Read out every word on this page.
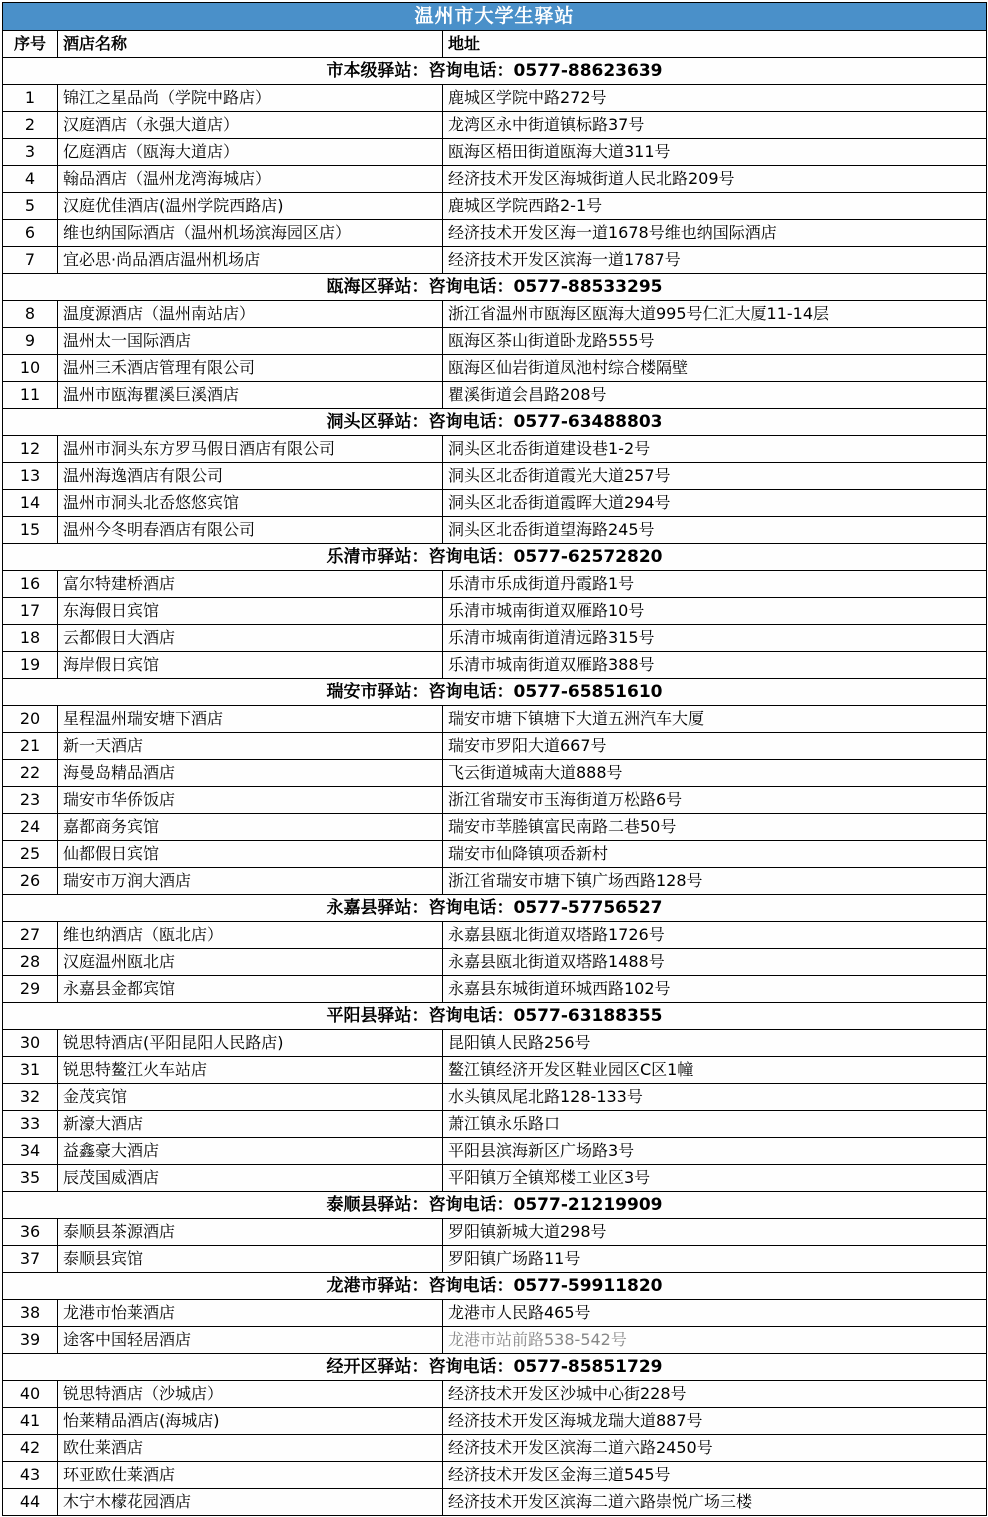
温州市大学生驿站		
序号	酒店名称	地址
市本级驿站：咨询电话：0577-88623639		
1	锦江之星品尚（学院中路店）	鹿城区学院中路272号
2	汉庭酒店（永强大道店）	龙湾区永中街道镇标路37号
3	亿庭酒店（瓯海大道店）	瓯海区梧田街道瓯海大道311号
4	翰品酒店（温州龙湾海城店）	经济技术开发区海城街道人民北路209号
5	汉庭优佳酒店(温州学院西路店)	鹿城区学院西路2-1号
6	维也纳国际酒店（温州机场滨海园区店）	经济技术开发区海一道1678号维也纳国际酒店
7	宜必思·尚品酒店温州机场店	经济技术开发区滨海一道1787号
瓯海区驿站：咨询电话：0577-88533295		
8	温度源酒店（温州南站店）	浙江省温州市瓯海区瓯海大道995号仁汇大厦11-14层
9	温州太一国际酒店	瓯海区茶山街道卧龙路555号
10	温州三禾酒店管理有限公司	瓯海区仙岩街道凤池村综合楼隔壁
11	温州市瓯海瞿溪巨溪酒店	瞿溪街道会昌路208号
洞头区驿站：咨询电话：0577-63488803		
12	温州市洞头东方罗马假日酒店有限公司	洞头区北岙街道建设巷1-2号
13	温州海逸酒店有限公司	洞头区北岙街道霞光大道257号
14	温州市洞头北岙悠悠宾馆	洞头区北岙街道霞晖大道294号
15	温州今冬明春酒店有限公司	洞头区北岙街道望海路245号
乐清市驿站：咨询电话：0577-62572820		
16	富尔特建桥酒店	乐清市乐成街道丹霞路1号
17	东海假日宾馆	乐清市城南街道双雁路10号
18	云都假日大酒店	乐清市城南街道清远路315号
19	海岸假日宾馆	乐清市城南街道双雁路388号
瑞安市驿站：咨询电话：0577-65851610		
20	星程温州瑞安塘下酒店	瑞安市塘下镇塘下大道五洲汽车大厦
21	新一天酒店	瑞安市罗阳大道667号
22	海曼岛精品酒店	飞云街道城南大道888号
23	瑞安市华侨饭店	浙江省瑞安市玉海街道万松路6号
24	嘉都商务宾馆	瑞安市莘塍镇富民南路二巷50号
25	仙都假日宾馆	瑞安市仙降镇项岙新村
26	瑞安市万润大酒店	浙江省瑞安市塘下镇广场西路128号
永嘉县驿站：咨询电话：0577-57756527		
27	维也纳酒店（瓯北店）	永嘉县瓯北街道双塔路1726号
28	汉庭温州瓯北店	永嘉县瓯北街道双塔路1488号
29	永嘉县金都宾馆	永嘉县东城街道环城西路102号
平阳县驿站：咨询电话：0577-63188355		
30	锐思特酒店(平阳昆阳人民路店)	昆阳镇人民路256号
31	锐思特鳌江火车站店	鳌江镇经济开发区鞋业园区C区1幢
32	金茂宾馆	水头镇凤尾北路128-133号
33	新濠大酒店	萧江镇永乐路口
34	益鑫豪大酒店	平阳县滨海新区广场路3号
35	辰茂国威酒店	平阳镇万全镇郑楼工业区3号
泰顺县驿站：咨询电话：0577-21219909		
36	泰顺县茶源酒店	罗阳镇新城大道298号
37	泰顺县宾馆	罗阳镇广场路11号
龙港市驿站：咨询电话：0577-59911820		
38	龙港市怡莱酒店	龙港市人民路465号
39	途客中国轻居酒店	龙港市站前路538-542号
经开区驿站：咨询电话：0577-85851729		
40	锐思特酒店（沙城店）	经济技术开发区沙城中心街228号
41	怡莱精品酒店(海城店)	经济技术开发区海城龙瑞大道887号
42	欧仕莱酒店	经济技术开发区滨海二道六路2450号
43	环亚欧仕莱酒店	经济技术开发区金海三道545号
44	木宁木檬花园酒店	经济技术开发区滨海二道六路崇悦广场三楼
